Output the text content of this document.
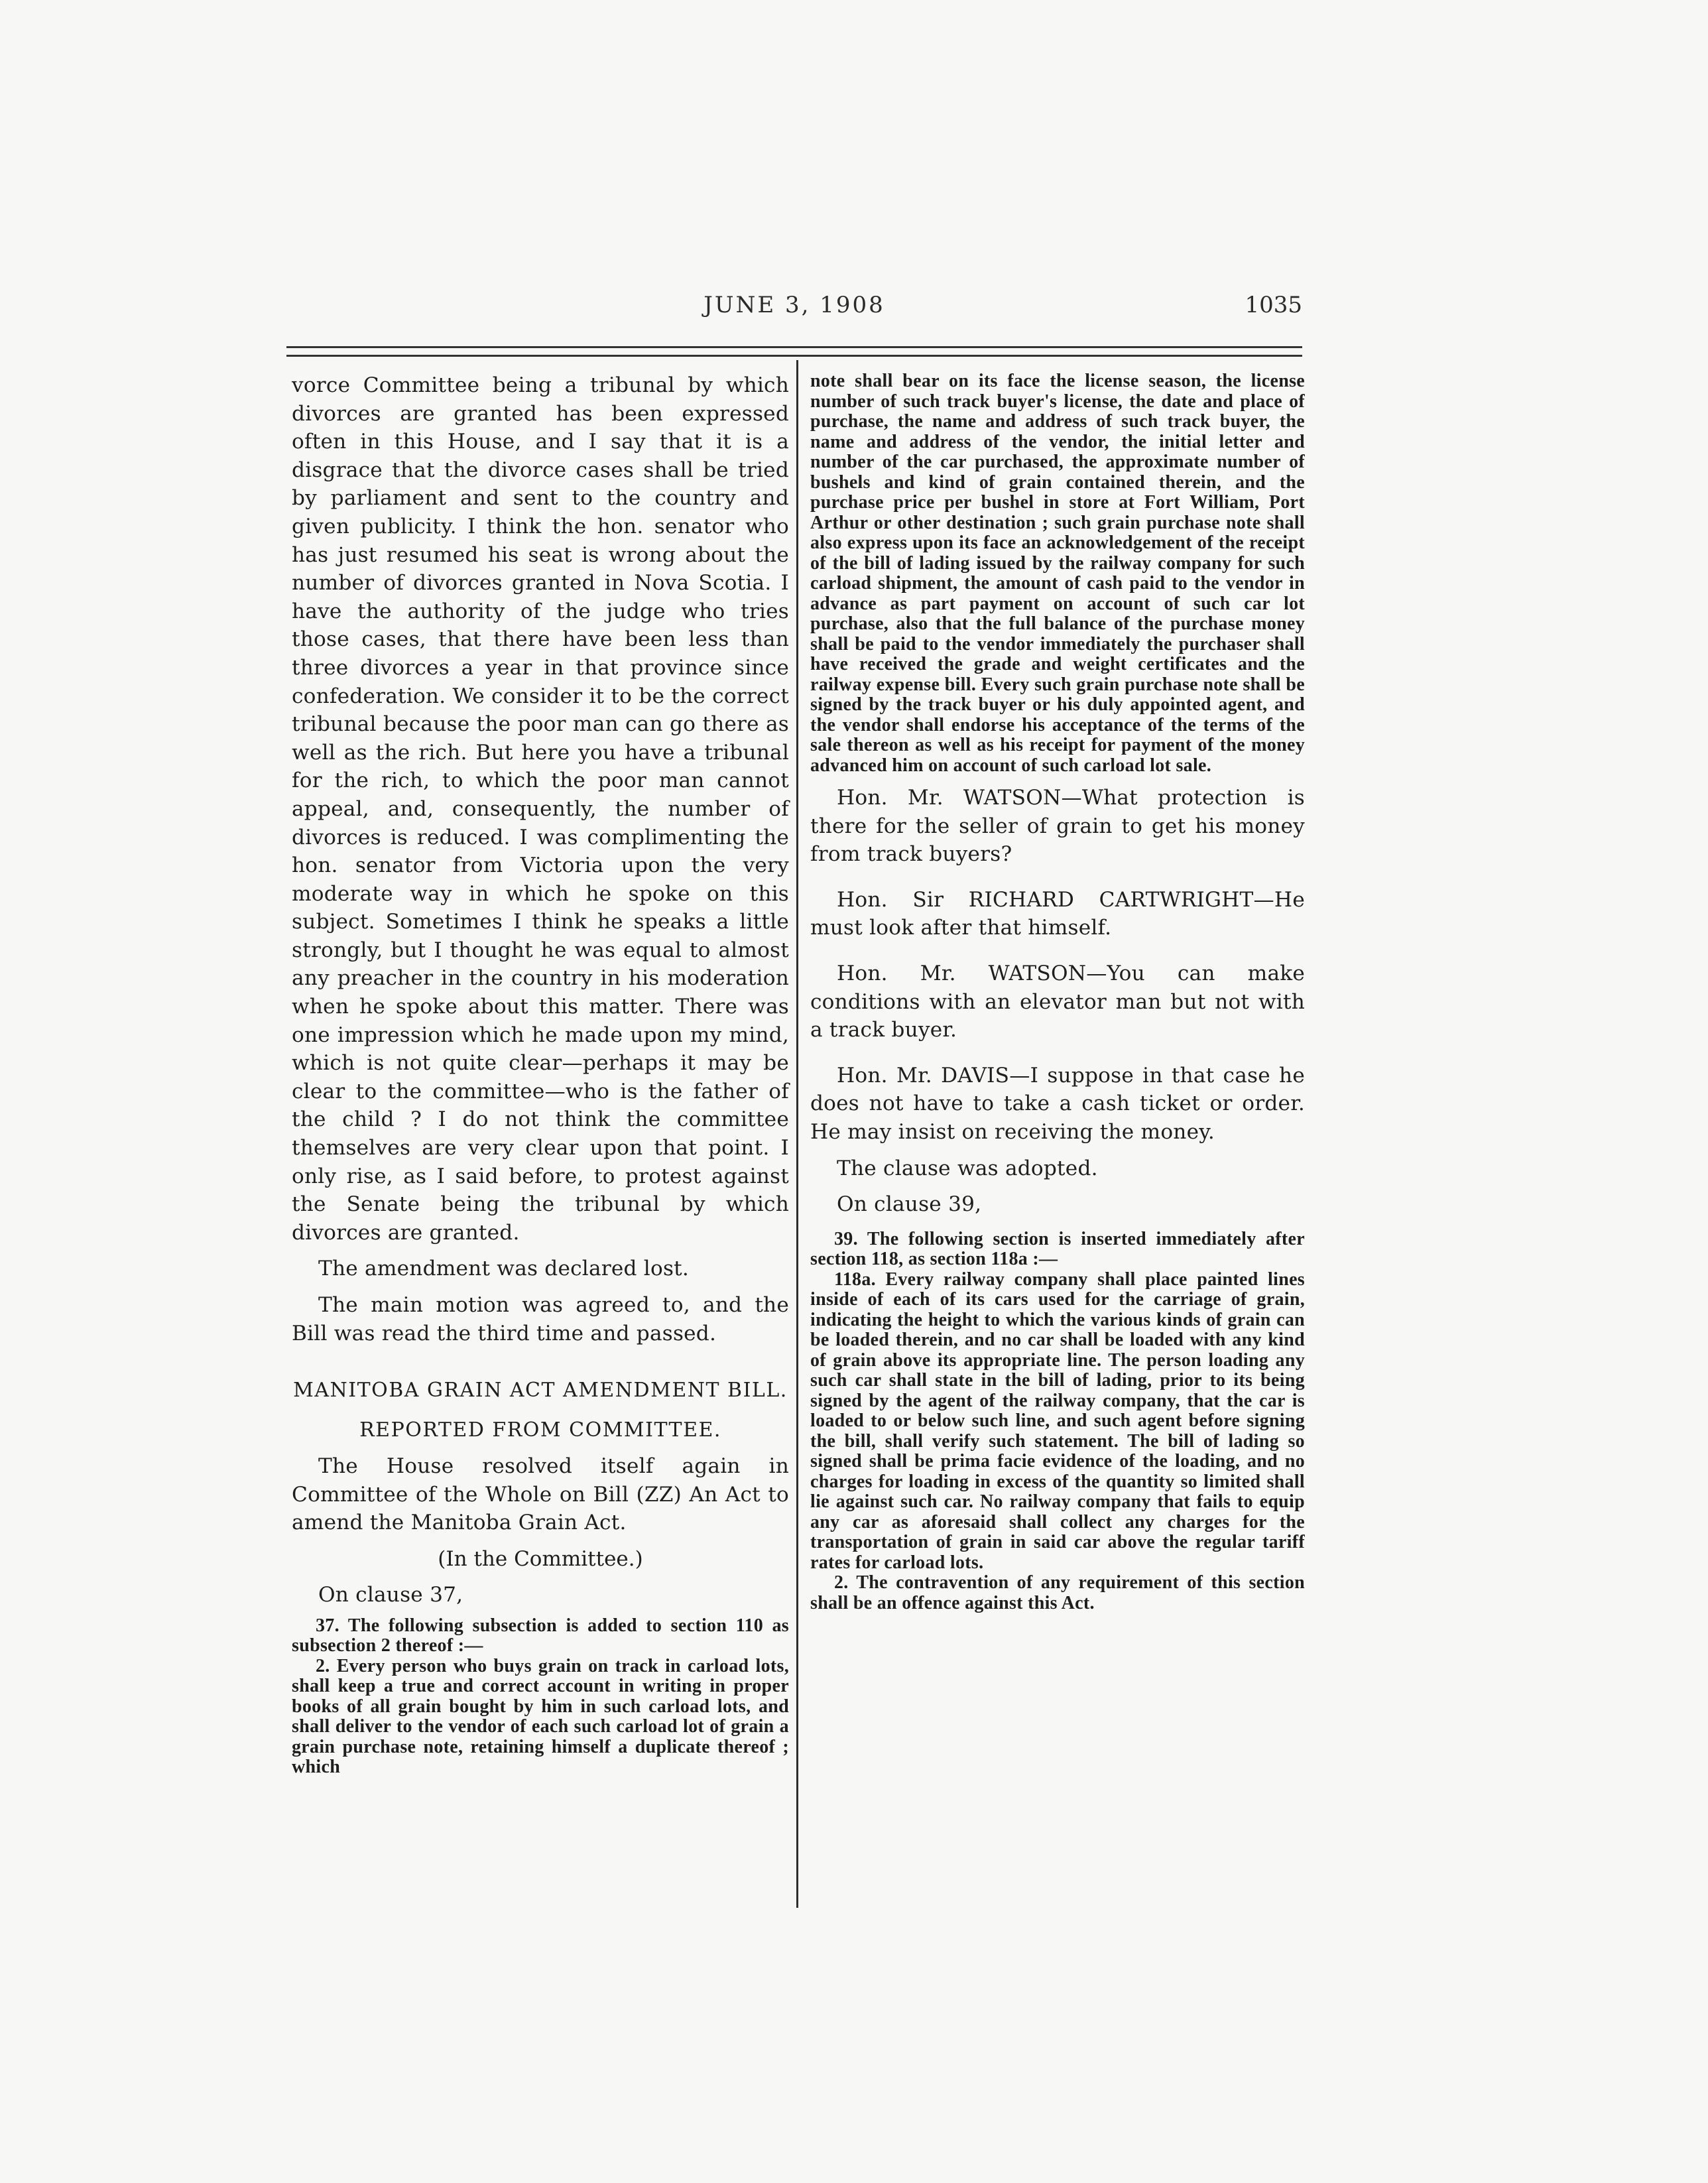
JUNE 3, 1908	1035

vorce Committee being a tribunal by which divorces are granted has been expressed often in this House, and I say that it is a disgrace that the divorce cases shall be tried by parliament and sent to the country and given publicity. I think the hon. senator who has just resumed his seat is wrong about the number of divorces granted in Nova Scotia. I have the authority of the judge who tries those cases, that there have been less than three divorces a year in that province since confederation. We consider it to be the correct tribunal because the poor man can go there as well as the rich. But here you have a tribunal for the rich, to which the poor man cannot appeal, and, consequently, the number of divorces is reduced. I was complimenting the hon. senator from Victoria upon the very moderate way in which he spoke on this subject. Sometimes I think he speaks a little strongly, but I thought he was equal to almost any preacher in the country in his moderation when he spoke about this matter. There was one impression which he made upon my mind, which is not quite clear—perhaps it may be clear to the committee—who is the father of the child ? I do not think the committee themselves are very clear upon that point. I only rise, as I said before, to protest against the Senate being the tribunal by which divorces are granted.

The amendment was declared lost.

The main motion was agreed to, and the Bill was read the third time and passed.

MANITOBA GRAIN ACT AMENDMENT BILL.

REPORTED FROM COMMITTEE.

The House resolved itself again in Committee of the Whole on Bill (ZZ) An Act to amend the Manitoba Grain Act.

(In the Committee.)

On clause 37,

37. The following subsection is added to section 110 as subsection 2 thereof :—

2. Every person who buys grain on track in carload lots, shall keep a true and correct account in writing in proper books of all grain bought by him in such carload lots, and shall deliver to the vendor of each such carload lot of grain a grain purchase note, retaining himself a duplicate thereof ; which

note shall bear on its face the license season, the license number of such track buyer's license, the date and place of purchase, the name and address of such track buyer, the name and address of the vendor, the initial letter and number of the car purchased, the approximate number of bushels and kind of grain contained therein, and the purchase price per bushel in store at Fort William, Port Arthur or other destination ; such grain purchase note shall also express upon its face an acknowledgement of the receipt of the bill of lading issued by the railway company for such carload shipment, the amount of cash paid to the vendor in advance as part payment on account of such car lot purchase, also that the full balance of the purchase money shall be paid to the vendor immediately the purchaser shall have received the grade and weight certificates and the railway expense bill. Every such grain purchase note shall be signed by the track buyer or his duly appointed agent, and the vendor shall endorse his acceptance of the terms of the sale thereon as well as his receipt for payment of the money advanced him on account of such carload lot sale.

Hon. Mr. WATSON—What protection is there for the seller of grain to get his money from track buyers?

Hon. Sir RICHARD CARTWRIGHT—He must look after that himself.

Hon. Mr. WATSON—You can make conditions with an elevator man but not with a track buyer.

Hon. Mr. DAVIS—I suppose in that case he does not have to take a cash ticket or order. He may insist on receiving the money.

The clause was adopted.

On clause 39,

39. The following section is inserted immediately after section 118, as section 118a :—

118a. Every railway company shall place painted lines inside of each of its cars used for the carriage of grain, indicating the height to which the various kinds of grain can be loaded therein, and no car shall be loaded with any kind of grain above its appropriate line. The person loading any such car shall state in the bill of lading, prior to its being signed by the agent of the railway company, that the car is loaded to or below such line, and such agent before signing the bill, shall verify such statement. The bill of lading so signed shall be prima facie evidence of the loading, and no charges for loading in excess of the quantity so limited shall lie against such car. No railway company that fails to equip any car as aforesaid shall collect any charges for the transportation of grain in said car above the regular tariff rates for carload lots.

2. The contravention of any requirement of this section shall be an offence against this Act.
